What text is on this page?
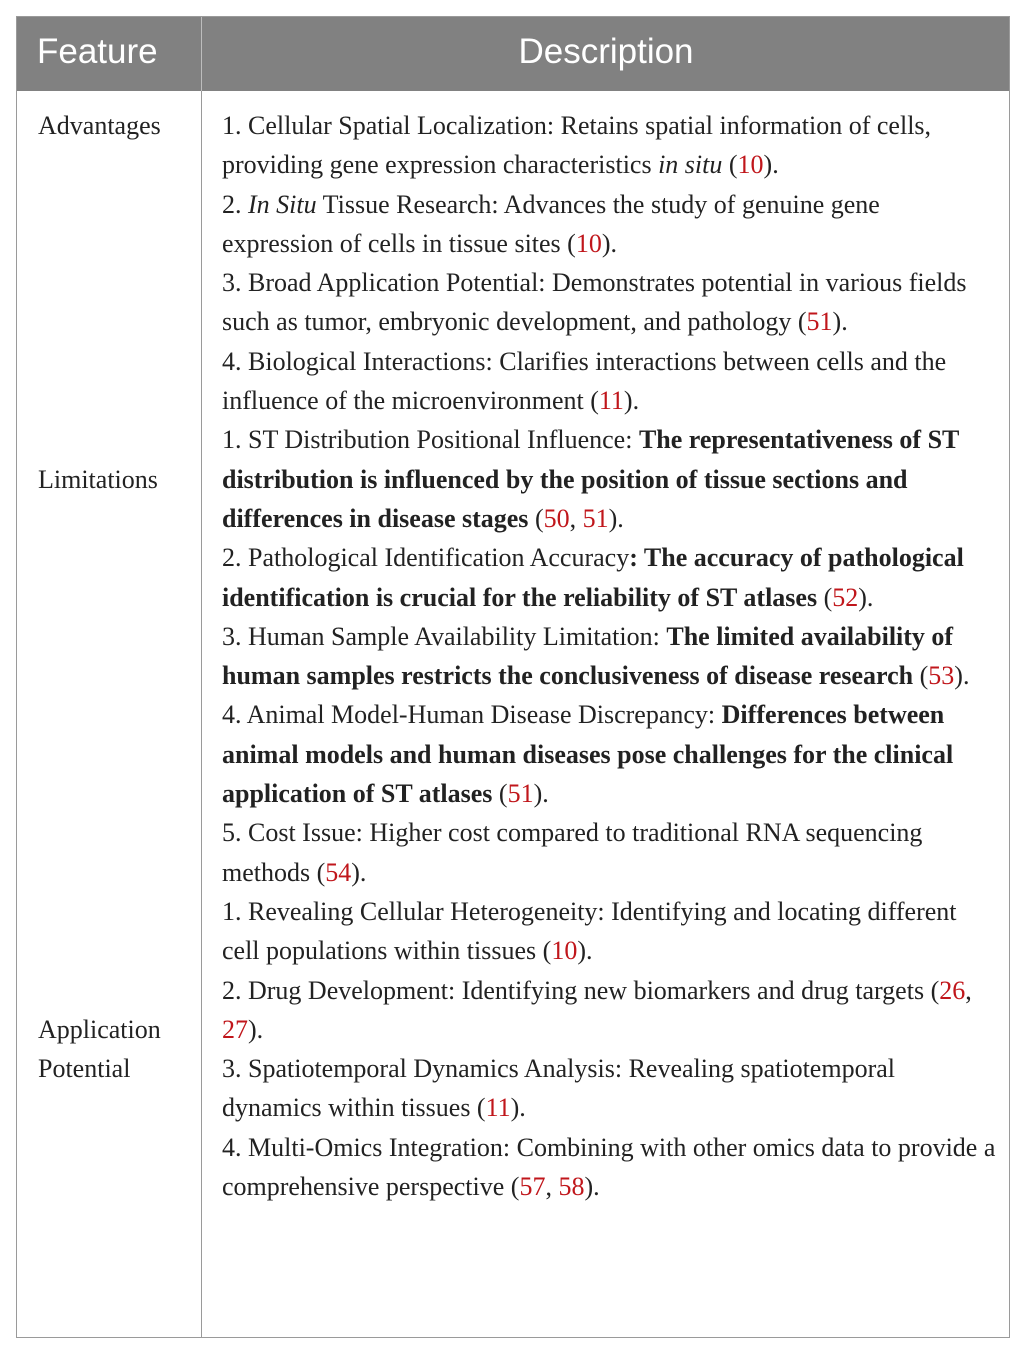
Feature	Description
Advantages
Limitations
Application Potential

1. Cellular Spatial Localization: Retains spatial information of cells, providing gene expression characteristics in situ (10).

2. In Situ Tissue Research: Advances the study of genuine gene expression of cells in tissue sites (10).

3. Broad Application Potential: Demonstrates potential in various fields such as tumor, embryonic development, and pathology (51).

4. Biological Interactions: Clarifies interactions between cells and the influence of the microenvironment (11).

1. ST Distribution Positional Influence: The representativeness of ST distribution is influenced by the position of tissue sections and differences in disease stages (50, 51).

2. Pathological Identification Accuracy: The accuracy of pathological identification is crucial for the reliability of ST atlases (52).

3. Human Sample Availability Limitation: The limited availability of human samples restricts the conclusiveness of disease research (53).

4. Animal Model-Human Disease Discrepancy: Differences between animal models and human diseases pose challenges for the clinical application of ST atlases (51).

5. Cost Issue: Higher cost compared to traditional RNA sequencing methods (54).

1. Revealing Cellular Heterogeneity: Identifying and locating different cell populations within tissues (10).

2. Drug Development: Identifying new biomarkers and drug targets (26, 27).

3. Spatiotemporal Dynamics Analysis: Revealing spatiotemporal dynamics within tissues (11).

4. Multi-Omics Integration: Combining with other omics data to provide a comprehensive perspective (57, 58).
